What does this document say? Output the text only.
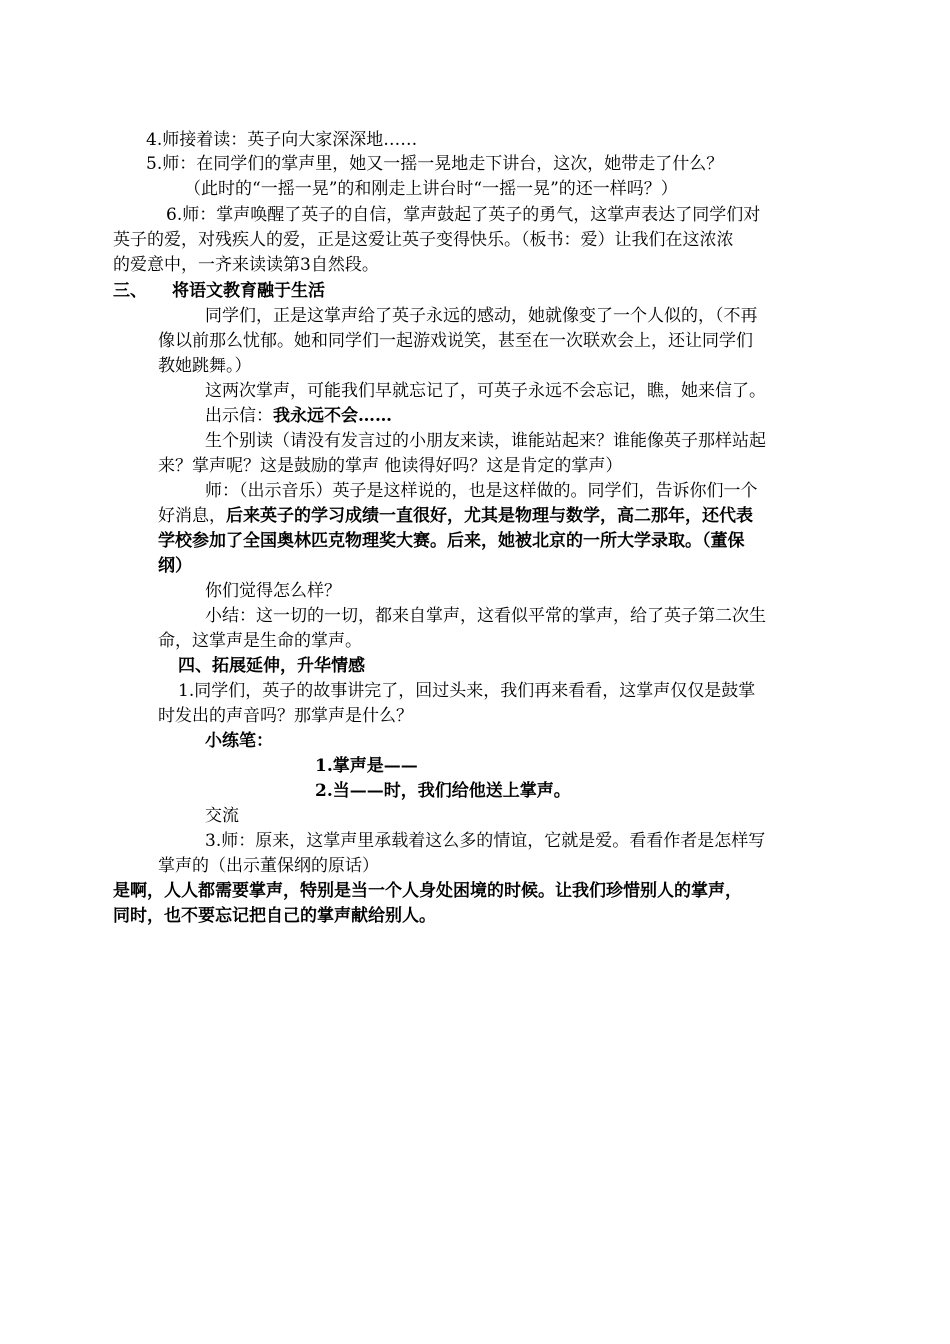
4.师接着读：英子向大家深深地……
5.师：在同学们的掌声里，她又一摇一晃地走下讲台，这次，她带走了什么？
（此时的“一摇一晃”的和刚走上讲台时“一摇一晃”的还一样吗？）
6.师：掌声唤醒了英子的自信，掌声鼓起了英子的勇气，这掌声表达了同学们对
英子的爱，对残疾人的爱，正是这爱让英子变得快乐。（板书：爱）让我们在这浓浓
的爱意中，一齐来读读第3自然段。
三、 将语文教育融于生活
同学们，正是这掌声给了英子永远的感动，她就像变了一个人似的，（不再
像以前那么忧郁。她和同学们一起游戏说笑，甚至在一次联欢会上，还让同学们
教她跳舞。）
这两次掌声，可能我们早就忘记了，可英子永远不会忘记，瞧，她来信了。
出示信：我永远不会……
生个别读（请没有发言过的小朋友来读，谁能站起来？谁能像英子那样站起
来？掌声呢？这是鼓励的掌声 他读得好吗？这是肯定的掌声）
师：（出示音乐）英子是这样说的，也是这样做的。同学们，告诉你们一个
好消息，后来英子的学习成绩一直很好，尤其是物理与数学，高二那年，还代表
学校参加了全国奥林匹克物理奖大赛。后来，她被北京的一所大学录取。（董保
纲）
你们觉得怎么样？
小结：这一切的一切，都来自掌声，这看似平常的掌声，给了英子第二次生
命，这掌声是生命的掌声。
四、拓展延伸，升华情感
1.同学们，英子的故事讲完了，回过头来，我们再来看看，这掌声仅仅是鼓掌
时发出的声音吗？那掌声是什么？
小练笔：
1.掌声是——
2.当——时，我们给他送上掌声。
交流
3.师：原来，这掌声里承载着这么多的情谊，它就是爱。看看作者是怎样写
掌声的（出示董保纲的原话）
是啊，人人都需要掌声，特别是当一个人身处困境的时候。让我们珍惜别人的掌声，
同时，也不要忘记把自己的掌声献给别人。
